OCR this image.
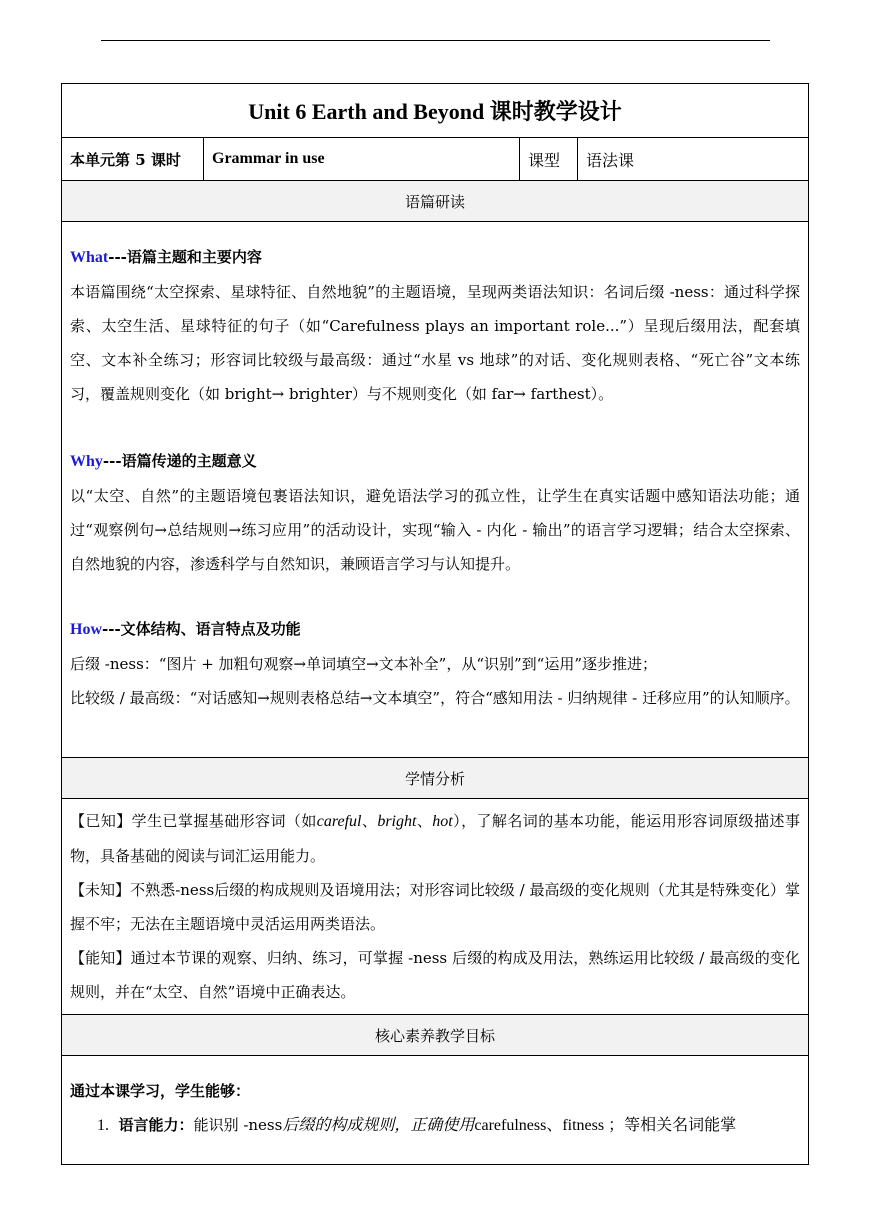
Unit 6 Earth and Beyond 课时教学设计
本单元第 5 课时	Grammar in use	课型	语法课
语篇研读
What---语篇主题和主要内容
本语篇围绕“太空探索、星球特征、自然地貌”的主题语境，呈现两类语法知识：名词后缀 -ness：通过科学探索、太空生活、星球特征的句子（如“Carefulness plays an important role...”）呈现后缀用法，配套填空、文本补全练习；形容词比较级与最高级：通过“水星 vs 地球”的对话、变化规则表格、“死亡谷”文本练习，覆盖规则变化（如 bright→ brighter）与不规则变化（如 far→ farthest）。
Why---语篇传递的主题意义
以“太空、自然”的主题语境包裹语法知识，避免语法学习的孤立性，让学生在真实话题中感知语法功能；通过“观察例句→总结规则→练习应用”的活动设计，实现“输入 - 内化 - 输出”的语言学习逻辑；结合太空探索、自然地貌的内容，渗透科学与自然知识，兼顾语言学习与认知提升。
How---文体结构、语言特点及功能
后缀 -ness：“图片 + 加粗句观察→单词填空→文本补全”，从“识别”到“运用”逐步推进；
比较级 / 最高级：“对话感知→规则表格总结→文本填空”，符合“感知用法 - 归纳规律 - 迁移应用”的认知顺序。
学情分析
【已知】学生已掌握基础形容词（如careful、bright、hot），了解名词的基本功能，能运用形容词原级描述事物，具备基础的阅读与词汇运用能力。
【未知】不熟悉-ness后缀的构成规则及语境用法；对形容词比较级 / 最高级的变化规则（尤其是特殊变化）掌握不牢；无法在主题语境中灵活运用两类语法。
【能知】通过本节课的观察、归纳、练习，可掌握 -ness 后缀的构成及用法，熟练运用比较级 / 最高级的变化规则，并在“太空、自然”语境中正确表达。
核心素养教学目标
通过本课学习，学生能够：
1. 语言能力：能识别 -ness后缀的构成规则，正确使用carefulness、fitness ；等相关名词能掌
